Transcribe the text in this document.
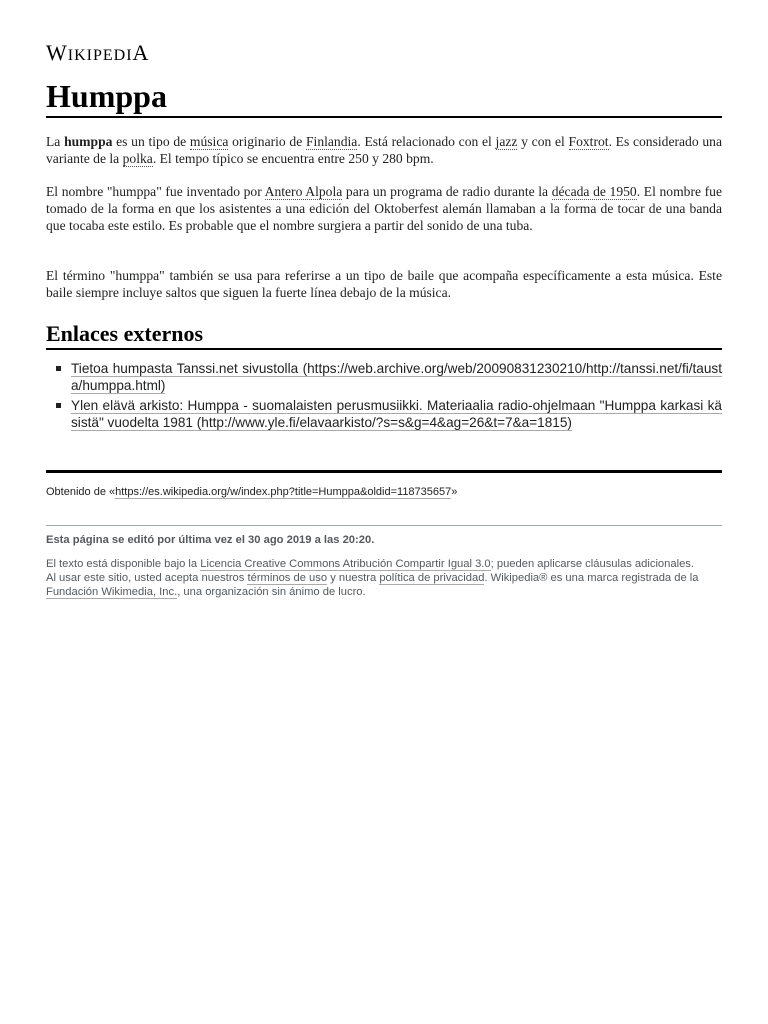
WIKIPEDIA
Humppa

La humppa es un tipo de música originario de Finlandia. Está relacionado con el jazz y con el Foxtrot. Es considerado una variante de la polka. El tempo típico se encuentra entre 250 y 280 bpm.

El nombre "humppa" fue inventado por Antero Alpola para un programa de radio durante la década de 1950. El nombre fue tomado de la forma en que los asistentes a una edición del Oktoberfest alemán llamaban a la forma de tocar de una banda que tocaba este estilo. Es probable que el nombre surgiera a partir del sonido de una tuba.

El término "humppa" también se usa para referirse a un tipo de baile que acompaña específicamente a esta música. Este baile siempre incluye saltos que siguen la fuerte línea debajo de la música.

Enlaces externos
Tietoa humpasta Tanssi.net sivustolla (https://web.archive.org/web/20090831230210/http://tanssi.net/fi/tausta/humppa.html)
Ylen elävä arkisto: Humppa - suomalaisten perusmusiikki. Materiaalia radio-ohjelmaan "Humppa karkasi käsistä" vuodelta 1981 (http://www.yle.fi/elavaarkisto/?s=s&g=4&ag=26&t=7&a=1815)
Obtenido de «https://es.wikipedia.org/w/index.php?title=Humppa&oldid=118735657»
Esta página se editó por última vez el 30 ago 2019 a las 20:20.
El texto está disponible bajo la Licencia Creative Commons Atribución Compartir Igual 3.0; pueden aplicarse cláusulas adicionales. Al usar este sitio, usted acepta nuestros términos de uso y nuestra política de privacidad. Wikipedia® es una marca registrada de la Fundación Wikimedia, Inc., una organización sin ánimo de lucro.
